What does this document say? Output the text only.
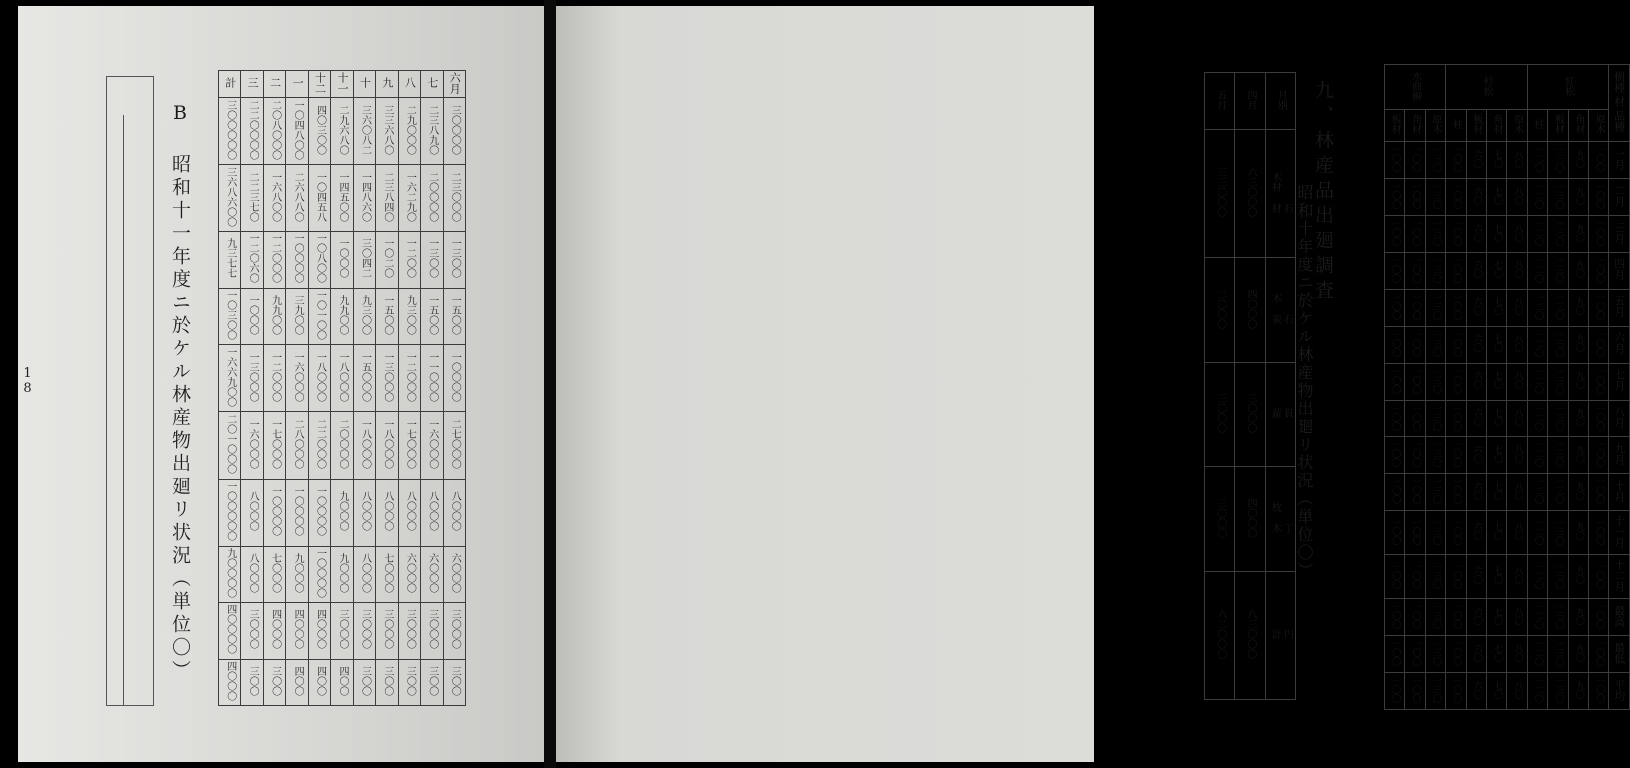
18	B 昭和十一年度ニ於ケル林産物出廻リ状況（単位〇）
計	三	二	一	十二	十一	十	九	八	七	六月
三〇〇〇〇〇	二二〇〇〇〇	二〇八〇〇〇	一〇四八〇〇	四〇三〇〇	二九六八〇	三六〇八二	三三六八〇	二九〇〇〇	二三八九〇	三〇〇〇〇
三六八六〇〇	二二三七〇	一六八〇〇	二六八八〇	一〇四五八	一四五〇〇	一四八六〇	二三八四〇	一六二九〇	二〇〇〇〇	二三〇〇〇
九三七七	一二〇六〇	一二〇〇〇	一〇〇〇〇	一〇八〇〇	一〇〇〇	三〇四二	一〇二〇	一二〇〇	一三〇〇	一三〇〇
一〇三〇〇	一〇〇〇	九九〇〇	三九〇〇	一〇一〇〇	九九〇〇	九三〇〇	一五〇〇	九三〇〇	一五〇〇	一五〇〇
一六六九〇〇	一三〇〇〇	一二〇〇〇	一六〇〇〇	一八〇〇〇	一八〇〇〇	一五〇〇〇	一三〇〇〇	一二〇〇〇	一一〇〇〇	一〇〇〇〇
二〇一〇〇〇	一六〇〇〇	一七〇〇〇	二八〇〇〇	二二〇〇〇	二〇〇〇〇	一八〇〇〇	一八〇〇〇	一七〇〇〇	一六〇〇〇	二七〇〇〇
一〇〇〇〇〇	八〇〇〇	一〇〇〇〇	一〇〇〇〇	一〇〇〇〇	九〇〇〇	八〇〇〇	八〇〇〇	八〇〇〇	八〇〇〇	八〇〇〇
九〇〇〇〇	八〇〇〇	七〇〇〇	九〇〇〇	一〇〇〇〇	九〇〇〇	八〇〇〇	七〇〇〇	六〇〇〇	六〇〇〇	六〇〇〇
四〇〇〇〇	三〇〇〇	四〇〇〇	四〇〇〇	四〇〇〇	三〇〇〇	三〇〇〇	三〇〇〇	三〇〇〇	三〇〇〇	三〇〇〇
四〇〇〇	三〇〇	三〇〇	四〇〇	四〇〇	四〇〇	三〇〇	三〇〇	三〇〇	三〇〇	三〇〇
五月	四月	月別
三三〇〇〇	六三〇〇〇	木材 材石
二〇〇〇	四〇〇〇	木 炭石
三〇〇〇	三〇〇〇	薪貫
三〇〇〇	四〇〇〇	枕 木丁
六二〇〇〇	八三〇〇〇	計円
昭和十年度ニ於ケル林産物出廻リ状況（単位〇）
九、林産品出廻調査	水曲柳			杉松				紅松				樹種材品種
板材	角材	原木	柱	板材	角材	原木	柱	板材	角材	原木	
一〇〇	一〇〇	一三〇	一〇〇	六〇	七〇	八〇	一二〇	一三〇	九〇	一〇〇	一月
一〇〇	一〇〇	一三〇	一〇〇	六〇	七〇	八〇	一二〇	一三〇	九〇	一〇〇	二月
一〇〇	一〇〇	一三〇	一〇〇	六〇	七〇	八〇	一二〇	一三〇	九〇	一〇〇	三月
一〇〇	一〇〇	一三〇	一〇〇	六〇	七〇	八〇	一二〇	一三〇	九〇	一〇〇	四月
一〇〇	一〇〇	一三〇	一〇〇	六〇	七〇	八〇	一二〇	一三〇	九〇	一〇〇	五月
一〇〇	一〇〇	一三〇	一〇〇	六〇	七〇	八〇	一二〇	一三〇	九〇	一〇〇	六月
一〇〇	一〇〇	一三〇	一〇〇	六〇	七〇	八〇	一二〇	一三〇	九〇	一〇〇	七月
一〇〇	一〇〇	一三〇	一〇〇	六〇	七〇	八〇	一二〇	一三〇	九〇	一〇〇	八月
一〇〇	一〇〇	一三〇	一〇〇	六〇	七〇	八〇	一二〇	一三〇	九〇	一〇〇	九月
一〇〇	一〇〇	一三〇	一〇〇	六〇	七〇	八〇	一二〇	一三〇	九〇	一〇〇	十月
一〇〇	一〇〇	一三〇	一〇〇	六〇	七〇	八〇	一二〇	一三〇	九〇	一〇〇	十一月
一〇〇	一〇〇	一三〇	一〇〇	六〇	七〇	八〇	一二〇	一三〇	九〇	一〇〇	十二月
一〇〇	一〇〇	一三〇	一〇〇	六〇	七〇	八〇	一二〇	一三〇	九〇	一〇〇	最高
一〇〇	一〇〇	一三〇	一〇〇	六〇	七〇	八〇	一二〇	一三〇	九〇	一〇〇	最低
一〇〇	一〇〇	一三〇	一〇〇	六〇	七〇	八〇	一二〇	一三〇	九〇	一〇〇	平均
